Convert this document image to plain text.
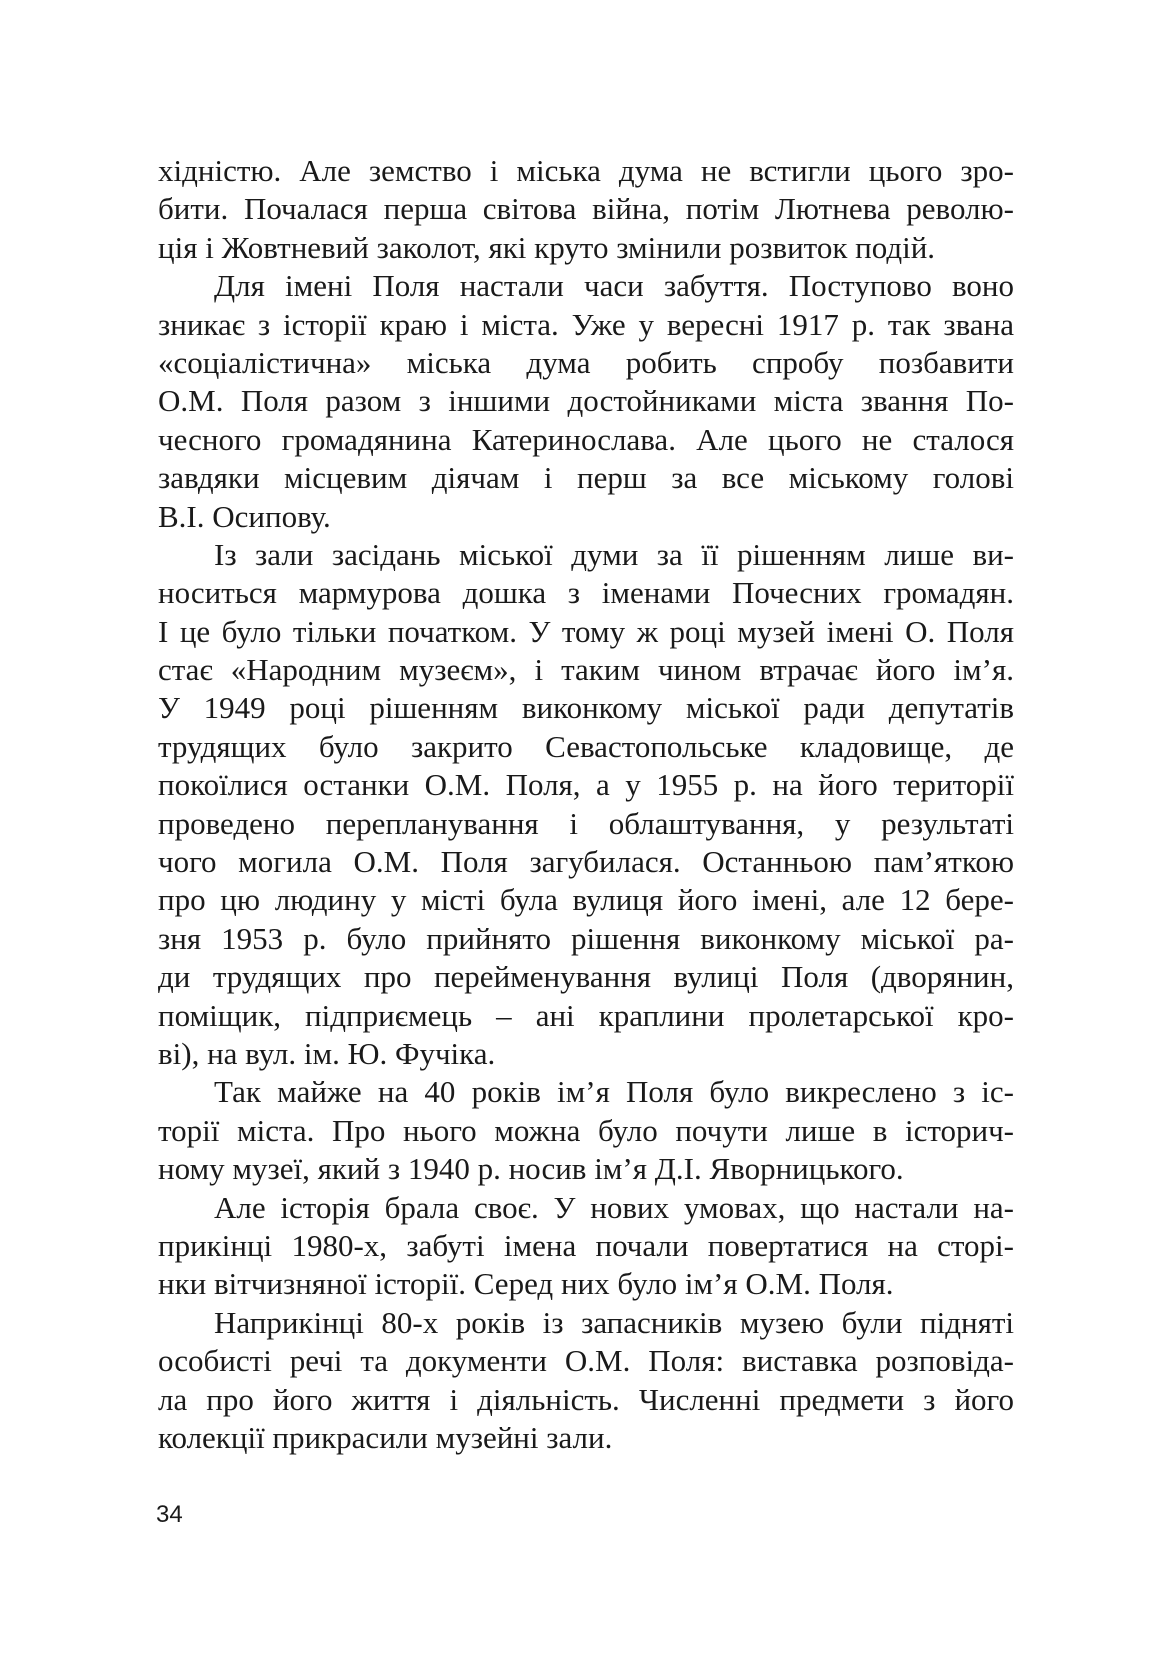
хідністю. Але земство і міська дума не встигли цього зро-
бити. Почалася перша світова війна, потім Лютнева револю-
ція і Жовтневий заколот, які круто змінили розвиток подій.
Для імені Поля настали часи забуття. Поступово воно
зникає з історії краю і міста. Уже у вересні 1917 р. так звана
«соціалістична» міська дума робить спробу позбавити
О.М. Поля разом з іншими достойниками міста звання По-
чесного громадянина Катеринослава. Але цього не сталося
завдяки місцевим діячам і перш за все міському голові
В.І. Осипову.
Із зали засідань міської думи за її рішенням лише ви-
носиться мармурова дошка з іменами Почесних громадян.
І це було тільки початком. У тому ж році музей імені О. Поля
стає «Народним музеєм», і таким чином втрачає його ім’я.
У 1949 році рішенням виконкому міської ради депутатів
трудящих було закрито Севастопольське кладовище, де
покоїлися останки О.М. Поля, а у 1955 р. на його території
проведено перепланування і облаштування, у результаті
чого могила О.М. Поля загубилася. Останньою пам’яткою
про цю людину у місті була вулиця його імені, але 12 бере-
зня 1953 р. було прийнято рішення виконкому міської ра-
ди трудящих про перейменування вулиці Поля (дворянин,
поміщик, підприємець – ані краплини пролетарської кро-
ві), на вул. ім. Ю. Фучіка.
Так майже на 40 років ім’я Поля було викреслено з іс-
торії міста. Про нього можна було почути лише в історич-
ному музеї, який з 1940 р. носив ім’я Д.І. Яворницького.
Але історія брала своє. У нових умовах, що настали на-
прикінці 1980-х, забуті імена почали повертатися на сторі-
нки вітчизняної історії. Серед них було ім’я О.М. Поля.
Наприкінці 80-х років із запасників музею були підняті
особисті речі та документи О.М. Поля: виставка розповіда-
ла про його життя і діяльність. Численні предмети з його
колекції прикрасили музейні зали.
34
